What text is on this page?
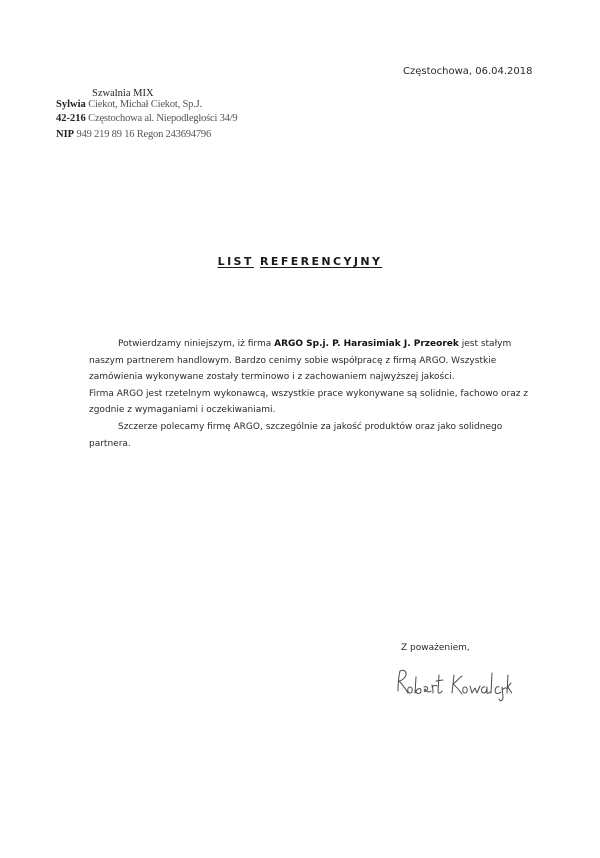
Częstochowa, 06.04.2018
Szwalnia MIX
Sylwia Ciekot, Michał Ciekot, Sp.J.
42-216 Częstochowa al. Niepodległości 34/9
NIP 949 219 89 16 Regon 243694796
LIST REFERENCYJNY

Potwierdzamy niniejszym, iż firma ARGO Sp.j. P. Harasimiak J. Przeorek jest stałym naszym partnerem handlowym. Bardzo cenimy sobie współpracę z firmą ARGO. Wszystkie zamówienia wykonywane zostały terminowo i z zachowaniem najwyższej jakości.

Firma ARGO jest rzetelnym wykonawcą, wszystkie prace wykonywane są solidnie, fachowo oraz z zgodnie z wymaganiami i oczekiwaniami.

Szczerze polecamy firmę ARGO, szczególnie za jakość produktów oraz jako solidnego partnera.

Z poważeniem,
